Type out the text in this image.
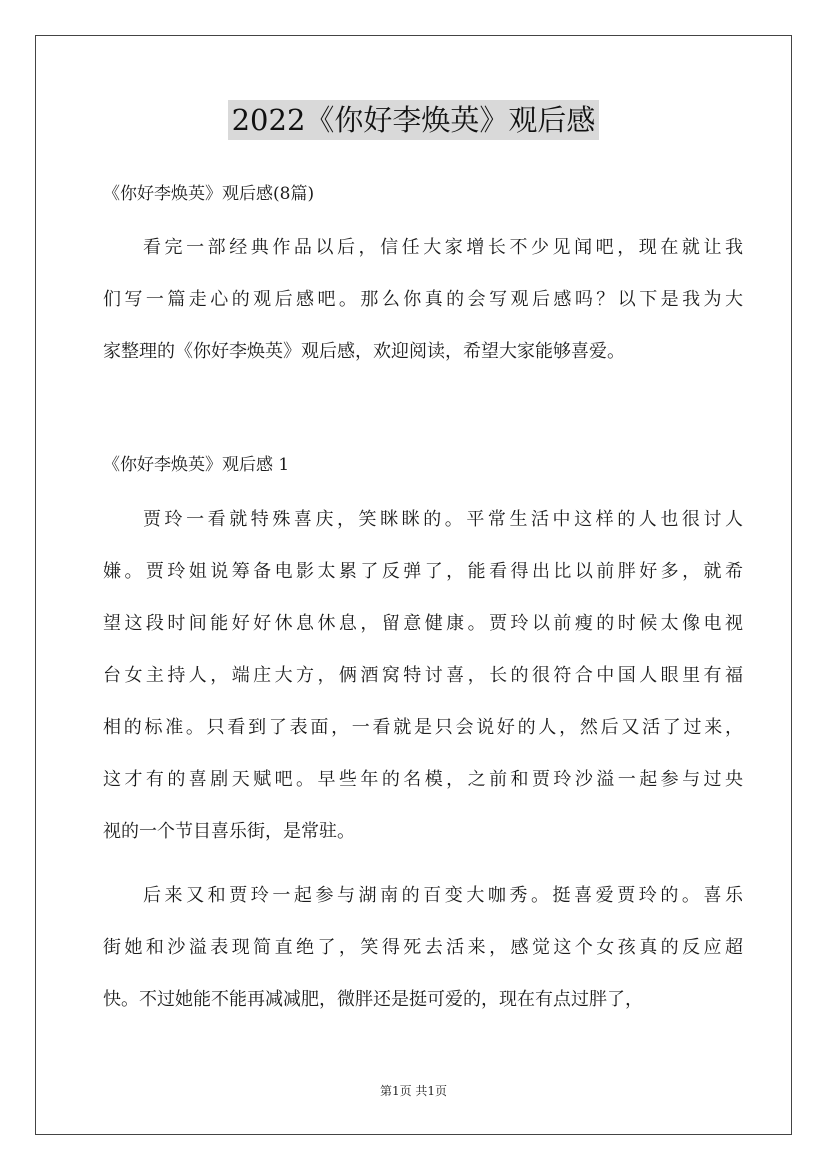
2022《你好李焕英》观后感
《你好李焕英》观后感(8篇)
看完一部经典作品以后，信任大家增长不少见闻吧，现在就让我
们写一篇走心的观后感吧。那么你真的会写观后感吗？以下是我为大
家整理的《你好李焕英》观后感，欢迎阅读，希望大家能够喜爱。
《你好李焕英》观后感 1
贾玲一看就特殊喜庆，笑眯眯的。平常生活中这样的人也很讨人
嫌。贾玲姐说筹备电影太累了反弹了，能看得出比以前胖好多，就希
望这段时间能好好休息休息，留意健康。贾玲以前瘦的时候太像电视
台女主持人，端庄大方，俩酒窝特讨喜，长的很符合中国人眼里有福
相的标准。只看到了表面，一看就是只会说好的人，然后又活了过来，
这才有的喜剧天赋吧。早些年的名模，之前和贾玲沙溢一起参与过央
视的一个节目喜乐街，是常驻。
后来又和贾玲一起参与湖南的百变大咖秀。挺喜爱贾玲的。喜乐
街她和沙溢表现简直绝了，笑得死去活来，感觉这个女孩真的反应超
快。不过她能不能再减减肥，微胖还是挺可爱的，现在有点过胖了，
第1页 共1页
